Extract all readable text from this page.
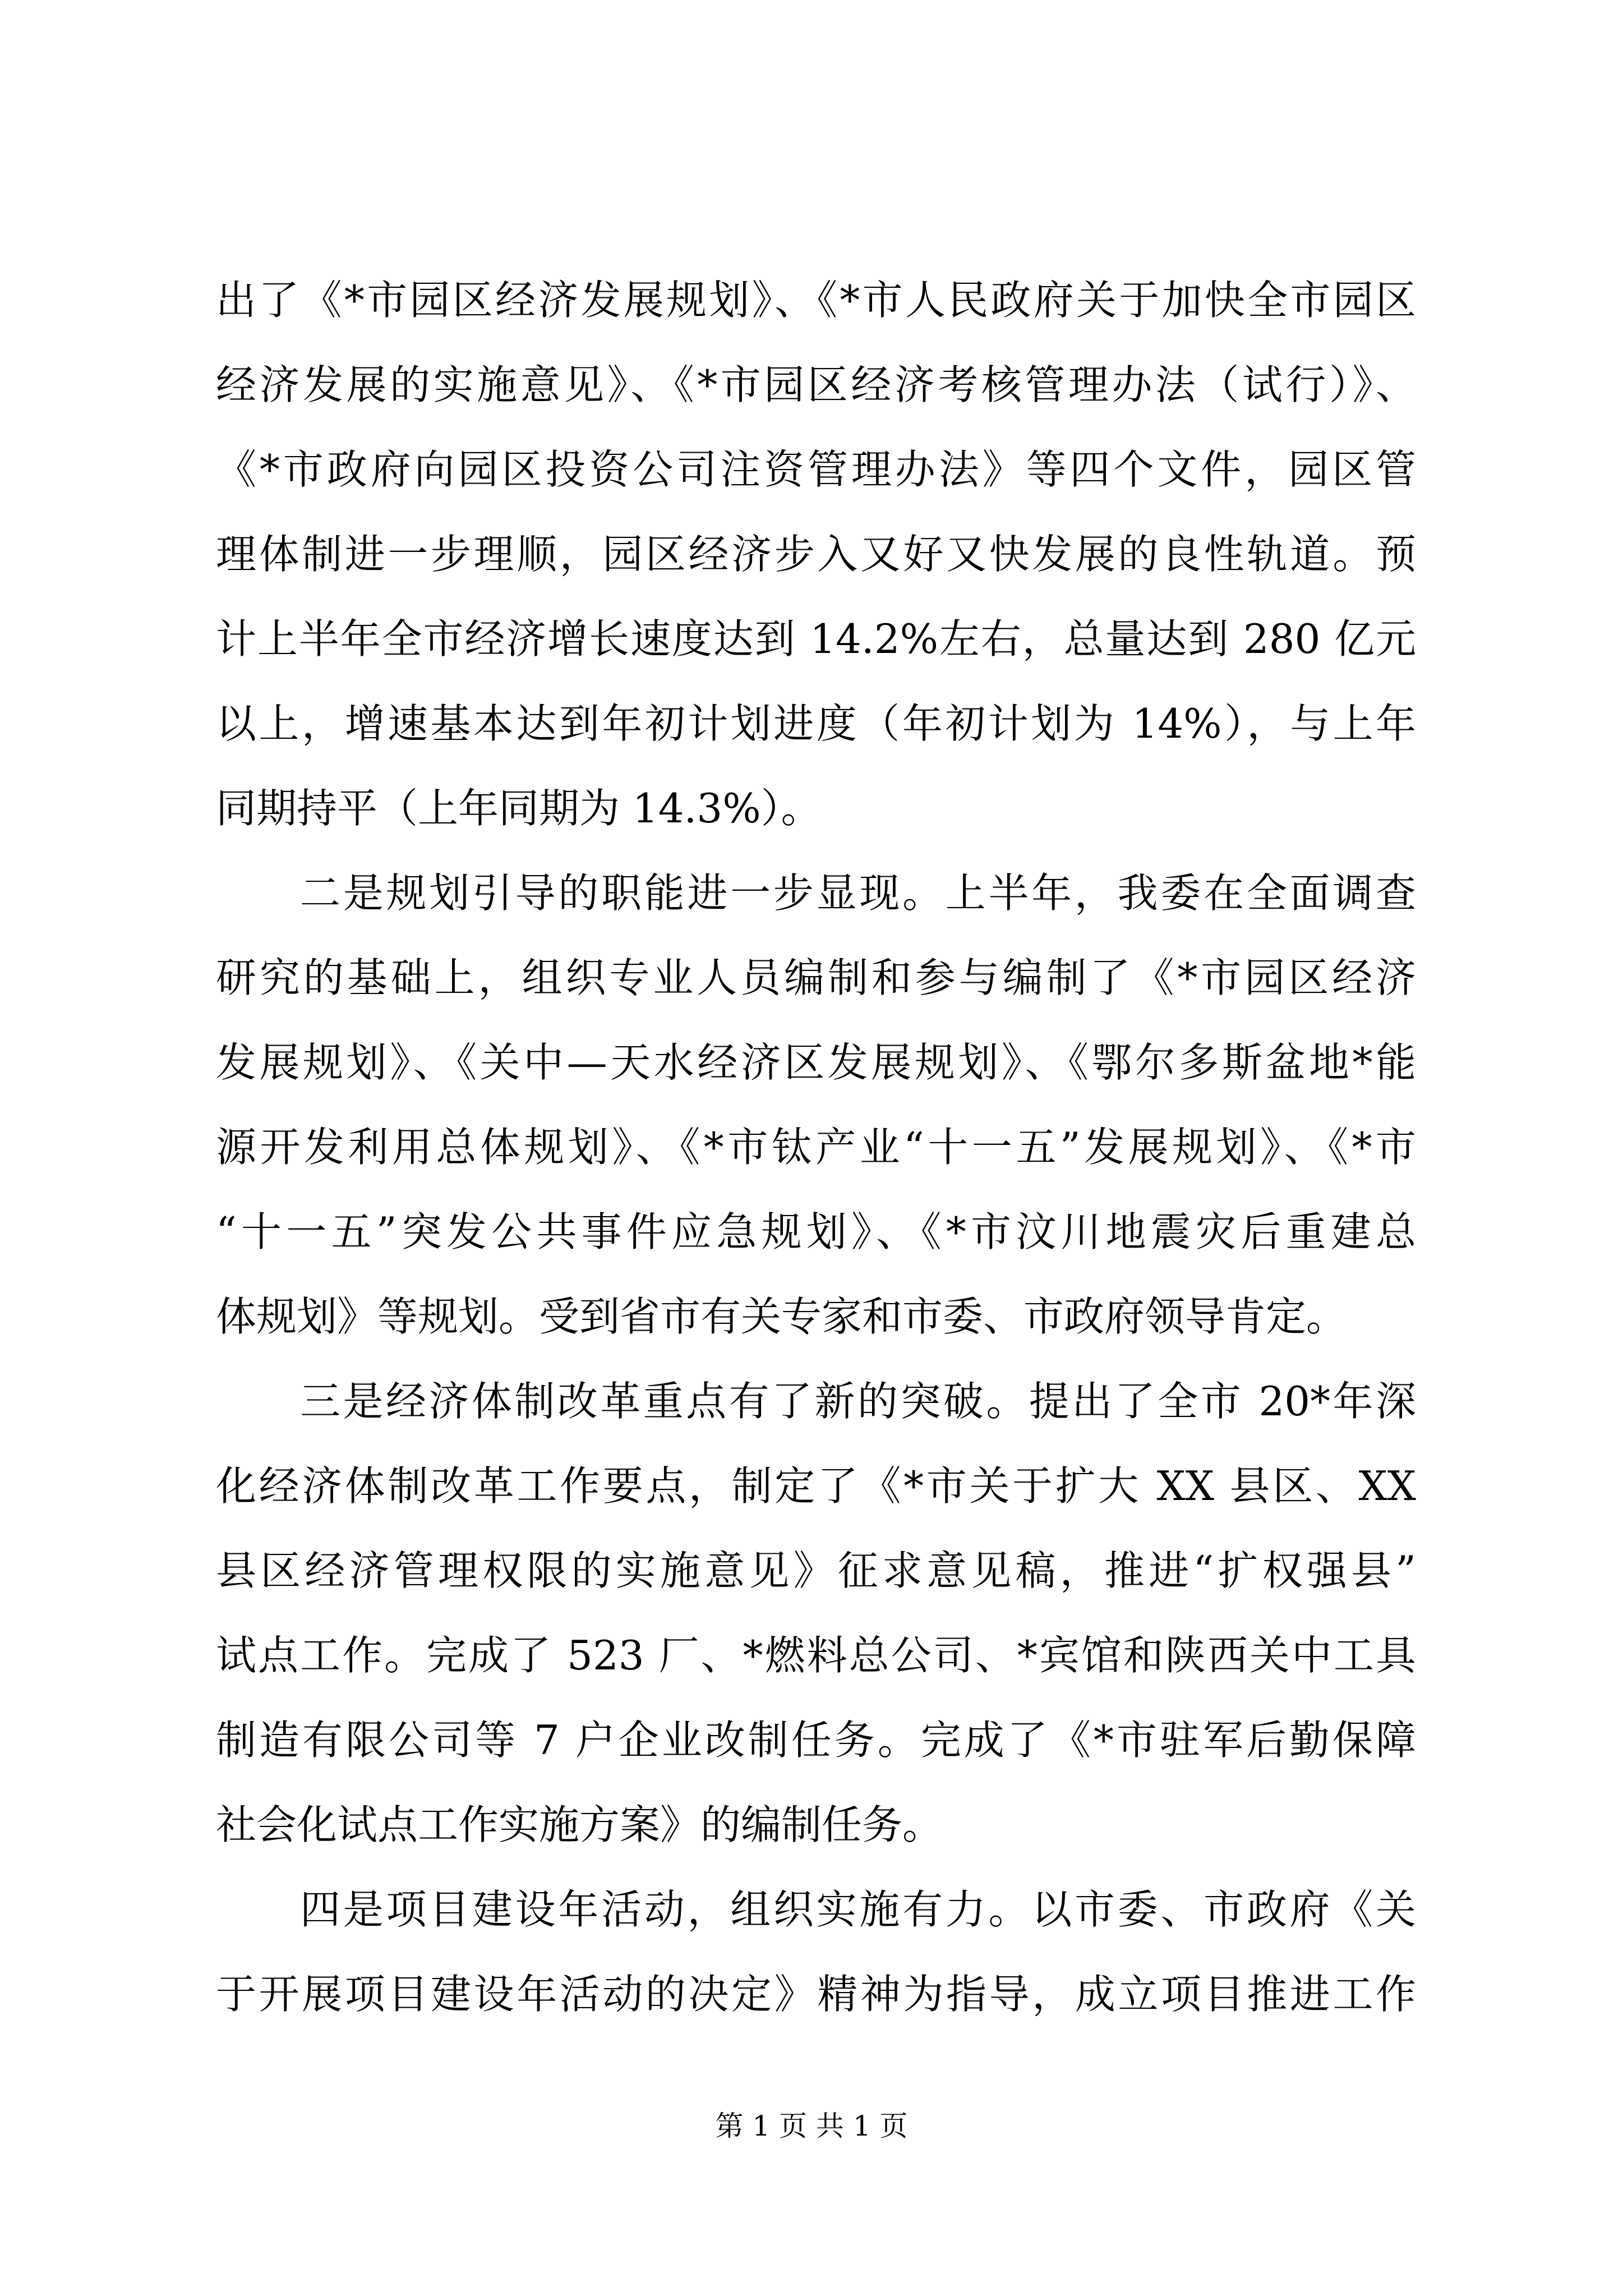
出了《*市园区经济发展规划》、《*市人民政府关于加快全市园区
经济发展的实施意见》、《*市园区经济考核管理办法（试行）》、
《*市政府向园区投资公司注资管理办法》等四个文件，园区管
理体制进一步理顺，园区经济步入又好又快发展的良性轨道。预
计上半年全市经济增长速度达到 14.2%左右，总量达到 280 亿元
以上，增速基本达到年初计划进度（年初计划为 14%），与上年
同期持平（上年同期为 14.3%）。
二是规划引导的职能进一步显现。上半年，我委在全面调查
研究的基础上，组织专业人员编制和参与编制了《*市园区经济
发展规划》、《关中—天水经济区发展规划》、《鄂尔多斯盆地*能
源开发利用总体规划》、《*市钛产业“十一五”发展规划》、《*市
“十一五”突发公共事件应急规划》、《*市汶川地震灾后重建总
体规划》等规划。受到省市有关专家和市委、市政府领导肯定。
三是经济体制改革重点有了新的突破。提出了全市 20*年深
化经济体制改革工作要点，制定了《*市关于扩大 XX 县区、XX
县区经济管理权限的实施意见》征求意见稿，推进“扩权强县”
试点工作。完成了 523 厂、*燃料总公司、*宾馆和陕西关中工具
制造有限公司等 7 户企业改制任务。完成了《*市驻军后勤保障
社会化试点工作实施方案》的编制任务。
四是项目建设年活动，组织实施有力。以市委、市政府《关
于开展项目建设年活动的决定》精神为指导，成立项目推进工作
第 1 页 共 1 页
